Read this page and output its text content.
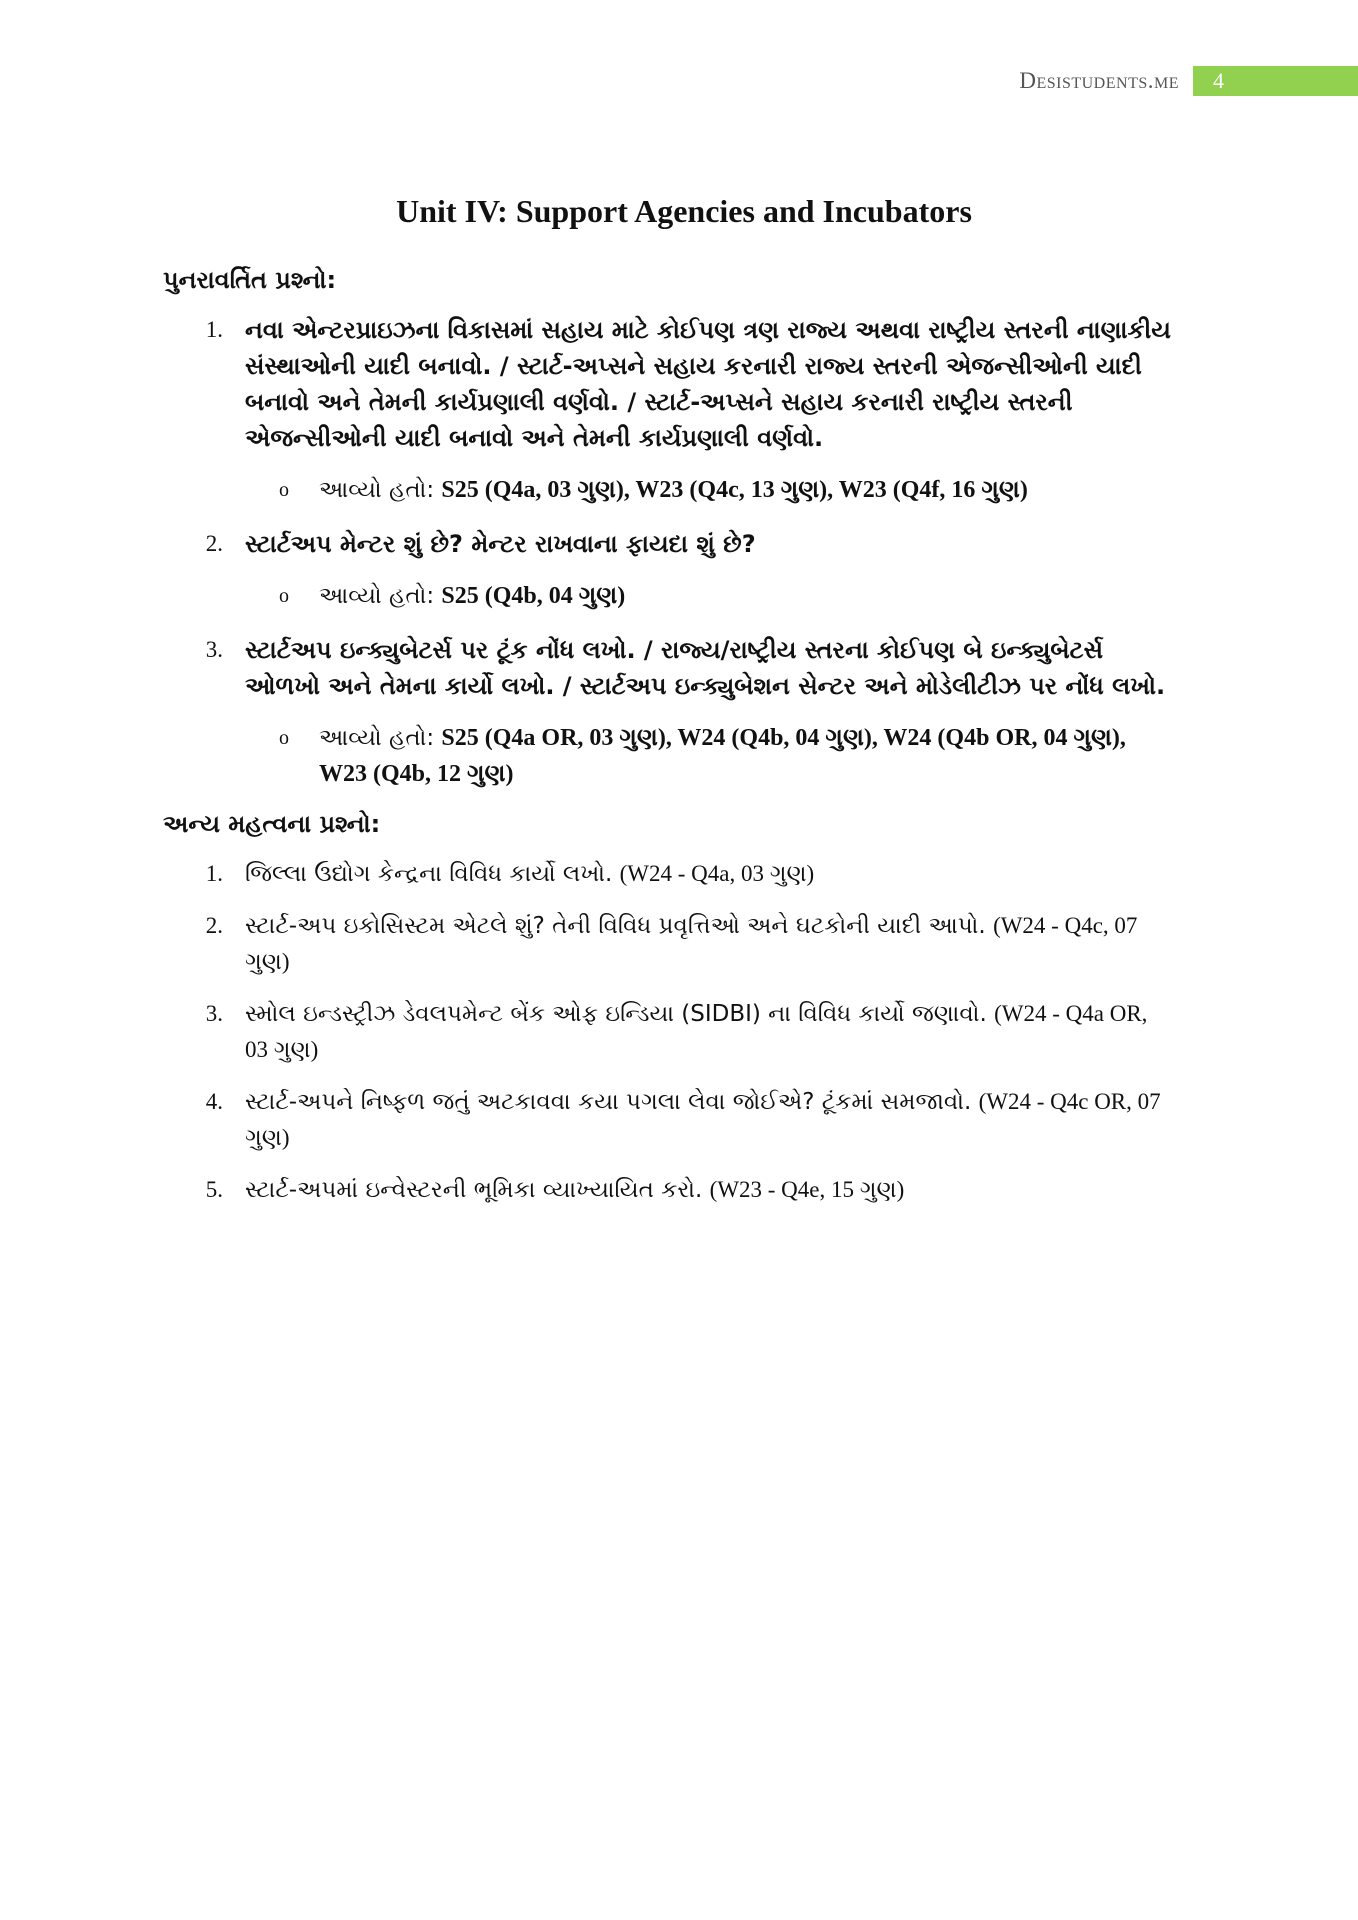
Desistudents.me	4
Unit IV: Support Agencies and Incubators
પુનરાવર્તિત પ્રશ્નો:
1. નવા એન્ટરપ્રાઇઝના વિકાસમાં સહાય માટે કોઈપણ ત્રણ રાજ્ય અથવા રાષ્ટ્રીય સ્તરની નાણાકીય સંસ્થાઓની યાદી બનાવો. / સ્ટાર્ટ-અપ્સને સહાય કરનારી રાજ્ય સ્તરની એજન્સીઓની યાદી બનાવો અને તેમની કાર્યપ્રણાલી વર્ણવો. / સ્ટાર્ટ-અપ્સને સહાય કરનારી રાષ્ટ્રીય સ્તરની એજન્સીઓની યાદી બનાવો અને તેમની કાર્યપ્રણાલી વર્ણવો.
o	આવ્યો હતો: S25 (Q4a, 03 ગુણ), W23 (Q4c, 13 ગુણ), W23 (Q4f, 16 ગુણ)
2. સ્ટાર્ટઅપ મેન્ટર શું છે? મેન્ટર રાખવાના ફાયદા શું છે?
o	આવ્યો હતો: S25 (Q4b, 04 ગુણ)
3. સ્ટાર્ટઅપ ઇન્ક્યુબેટર્સ પર ટૂંક નોંધ લખો. / રાજ્ય/રાષ્ટ્રીય સ્તરના કોઈપણ બે ઇન્ક્યુબેટર્સ ઓળખો અને તેમના કાર્યો લખો. / સ્ટાર્ટઅપ ઇન્ક્યુબેશન સેન્ટર અને મોડેલીટીઝ પર નોંધ લખો.
o	આવ્યો હતો: S25 (Q4a OR, 03 ગુણ), W24 (Q4b, 04 ગુણ), W24 (Q4b OR, 04 ગુણ), W23 (Q4b, 12 ગુણ)
અન્ય મહત્વના પ્રશ્નો:
1. જિલ્લા ઉદ્યોગ કેન્દ્રના વિવિધ કાર્યો લખો. (W24 - Q4a, 03 ગુણ)
2. સ્ટાર્ટ-અપ ઇકોસિસ્ટમ એટલે શું? તેની વિવિધ પ્રવૃત્તિઓ અને ઘટકોની યાદી આપો. (W24 - Q4c, 07 ગુણ)
3. સ્મોલ ઇન્ડસ્ટ્રીઝ ડેવલપમેન્ટ બેંક ઓફ ઇન્ડિયા (SIDBI) ના વિવિધ કાર્યો જણાવો. (W24 - Q4a OR, 03 ગુણ)
4. સ્ટાર્ટ-અપને નિષ્ફળ જતું અટકાવવા કયા પગલા લેવા જોઈએ? ટૂંકમાં સમજાવો. (W24 - Q4c OR, 07 ગુણ)
5. સ્ટાર્ટ-અપમાં ઇન્વેસ્ટરની ભૂમિકા વ્યાખ્યાયિત કરો. (W23 - Q4e, 15 ગુણ)
